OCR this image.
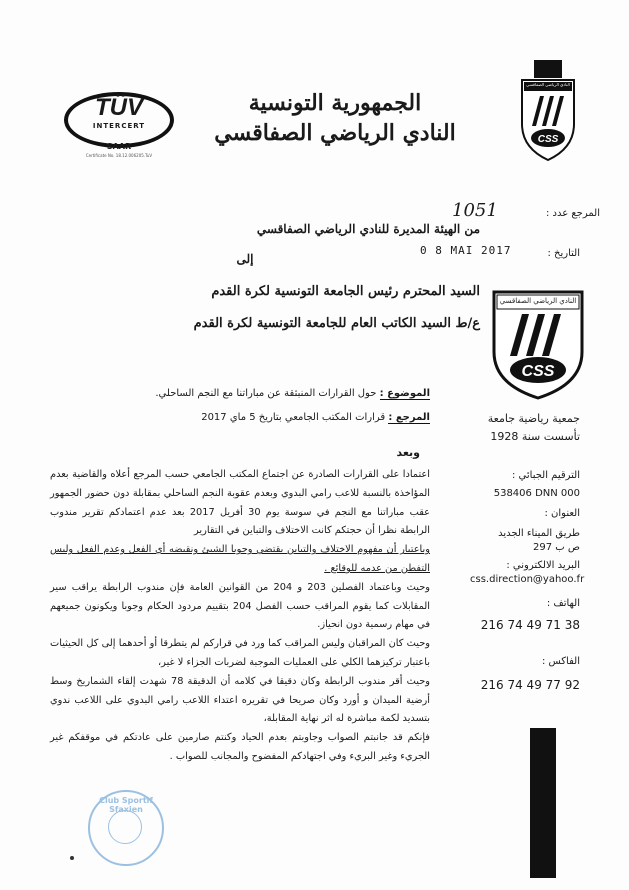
TÜV
INTERCERT
SAAR
Certificate No. 18.12.006205.TuV
الجمهورية التونسية
النادي الرياضي الصفاقسي	CSS
النادي الرياضي الصفاقسي
المرجع عدد :
1051
التاريخ :
0 8 MAI 2017
من الهيئة المديرة للنادي الرياضي الصفاقسي
إلى
السيد المحترم رئيس الجامعة التونسية لكرة القدم
ع/ط السيد الكاتب العام للجامعة التونسية لكرة القدم
CSS
النادي الرياضي الصفاقسي
الموضوع : حول القرارات المنبثقة عن مباراتنا مع النجم الساحلي.
المرجع : قرارات المكتب الجامعي بتاريخ 5 ماي 2017
وبعد

اعتمادا على القرارات الصادرة عن اجتماع المكتب الجامعي حسب المرجع أعلاه والقاضية بعدم المؤاخذة بالنسبة للاعب رامي البدوي وبعدم عقوبة النجم الساحلي بمقابلة دون حضور الجمهور عقب مباراتنا مع النجم في سوسة يوم 30 أفريل 2017 بعد عدم اعتمادكم تقرير مندوب الرابطة نظرا أن حجتكم كانت الاختلاف والتباين في التقارير

وباعتبار أن مفهوم الاختلاف والتباين يقتضي وجوبا الشيئ ونقيضه أي الفعل وعدم الفعل وليس التفطن من عدمه للوقائع .

وحيث وباعتماد الفصلين 203 و 204 من القوانين العامة فإن مندوب الرابطة يراقب سير المقابلات كما يقوم المراقب حسب الفصل 204 بتقييم مردود الحكام وجوبا ويكونون جميعهم في مهام رسمية دون انحياز.

وحيث كان المراقبان وليس المراقب كما ورد في قراركم لم يتطرقا أو أحدهما إلى كل الحيثيات باعتبار تركيزهما الكلي على العمليات الموجبة لضربات الجزاء لا غير،

وحيث أقر مندوب الرابطة وكان دقيقا في كلامه أن الدقيقة 78 شهدت إلقاء الشماريخ وسط أرضية الميدان و أورد وكان صريحا في تقريره اعتداء اللاعب رامي البدوي على اللاعب ندوي بتسديد لكمة مباشرة له اثر نهاية المقابلة،

فإنكم قد جانبتم الصواب وجاوبتم بعدم الحياد وكنتم صارمين على عادتكم في موقفكم غير الجريء وغير البريء وفي اجتهادكم المفضوح والمجانب للصواب .

جمعية رياضية جامعة
تأسست سنة 1928
الترقيم الجبائي :
538406 DNN 000
العنوان :
طريق الميناء الجديد
ص ب 297
البريد الالكتروني :
css.direction@yahoo.fr
الهاتف :
216 74 49 71 38
الفاكس :
216 74 49 77 92
Club Sportif Sfaxien
